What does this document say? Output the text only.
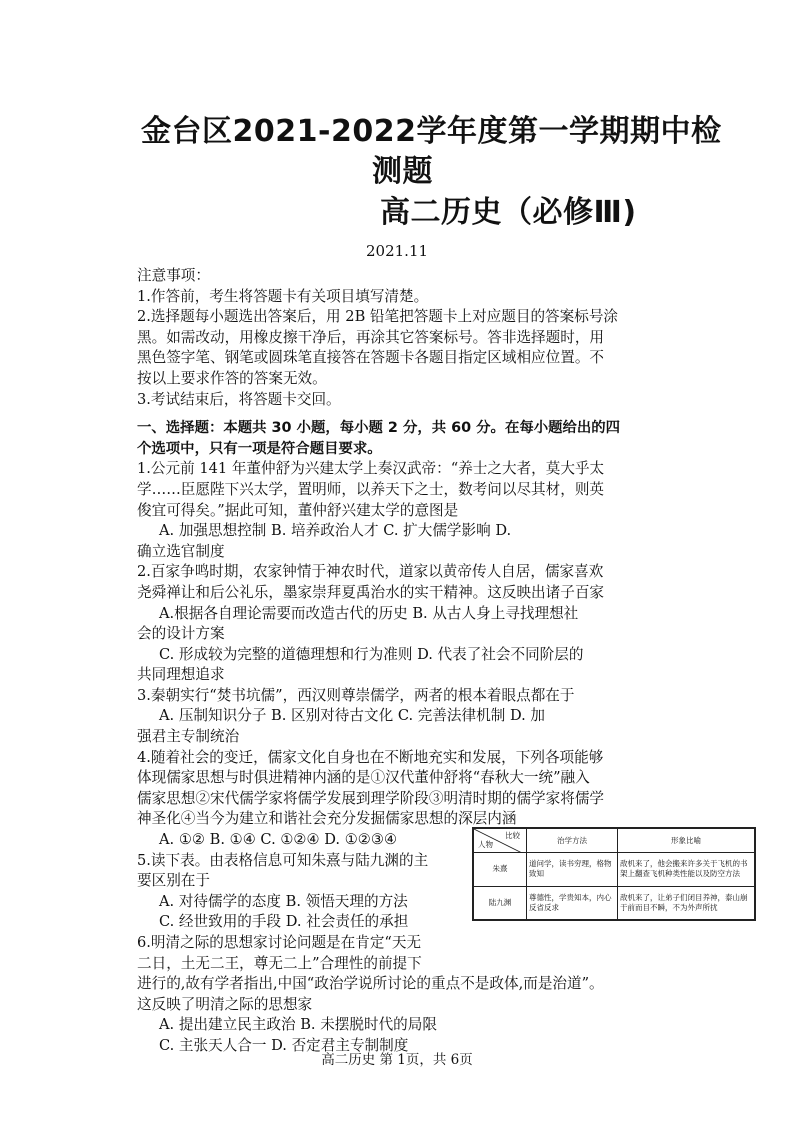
金台区2021-2022学年度第一学期期中检
测题
高二历史（必修Ⅲ)
2021.11

注意事项：

1.作答前，考生将答题卡有关项目填写清楚。

2.选择题每小题选出答案后，用 2B 铅笔把答题卡上对应题目的答案标号涂

黑。如需改动，用橡皮擦干净后，再涂其它答案标号。答非选择题时，用

黑色签字笔、钢笔或圆珠笔直接答在答题卡各题目指定区域相应位置。不

按以上要求作答的答案无效。

3.考试结束后，将答题卡交回。

一、选择题：本题共 30 小题，每小题 2 分，共 60 分。在每小题给出的四

个选项中，只有一项是符合题目要求。

1.公元前 141 年董仲舒为兴建太学上奏汉武帝：“养士之大者，莫大乎太

学……臣愿陛下兴太学，置明师，以养天下之士，数考问以尽其材，则英

俊宜可得矣。”据此可知，董仲舒兴建太学的意图是

A. 加强思想控制 B. 培养政治人才 C. 扩大儒学影响 D.

确立选官制度

2.百家争鸣时期，农家钟情于神农时代，道家以黄帝传人自居，儒家喜欢

尧舜禅让和后公礼乐，墨家崇拜夏禹治水的实干精神。这反映出诸子百家

A.根据各自理论需要而改造古代的历史 B. 从古人身上寻找理想社

会的设计方案

C. 形成较为完整的道德理想和行为准则 D. 代表了社会不同阶层的

共同理想追求

3.秦朝实行“焚书坑儒”，西汉则尊崇儒学，两者的根本着眼点都在于

A. 压制知识分子 B. 区别对待古文化 C. 完善法律机制 D. 加

强君主专制统治

4.随着社会的变迁，儒家文化自身也在不断地充实和发展，下列各项能够

体现儒家思想与时俱进精神内涵的是①汉代董仲舒将“春秋大一统”融入

儒家思想②宋代儒学家将儒学发展到理学阶段③明清时期的儒学家将儒学

神圣化④当今为建立和谐社会充分发掘儒家思想的深层内涵

A. ①② B. ①④ C. ①②④ D. ①②③④

5.读下表。由表格信息可知朱熹与陆九渊的主

要区别在于

A. 对待儒学的态度 B. 领悟天理的方法

C. 经世致用的手段 D. 社会责任的承担

6.明清之际的思想家讨论问题是在肯定“天无

二日，土无二王，尊无二上”合理性的前提下

进行的,故有学者指出,中国“政治学说所讨论的重点不是政体,而是治道”。

这反映了明清之际的思想家

A. 提出建立民主政治 B. 未摆脱时代的局限

C. 主张天人合一 D. 否定君主专制制度

比较
人物	治学方法	形象比喻
朱熹	道问学，读书穷理，格物致知	敌机来了，他会搬来许多关于飞机的书架上翻查飞机种类性能以及防空方法
陆九渊	尊德性，学贵知本，内心反省反求	敌机来了，让弟子们闭目养神，泰山崩于前而目不瞬，不为外声所扰
高二历史 第 1页，共 6页
